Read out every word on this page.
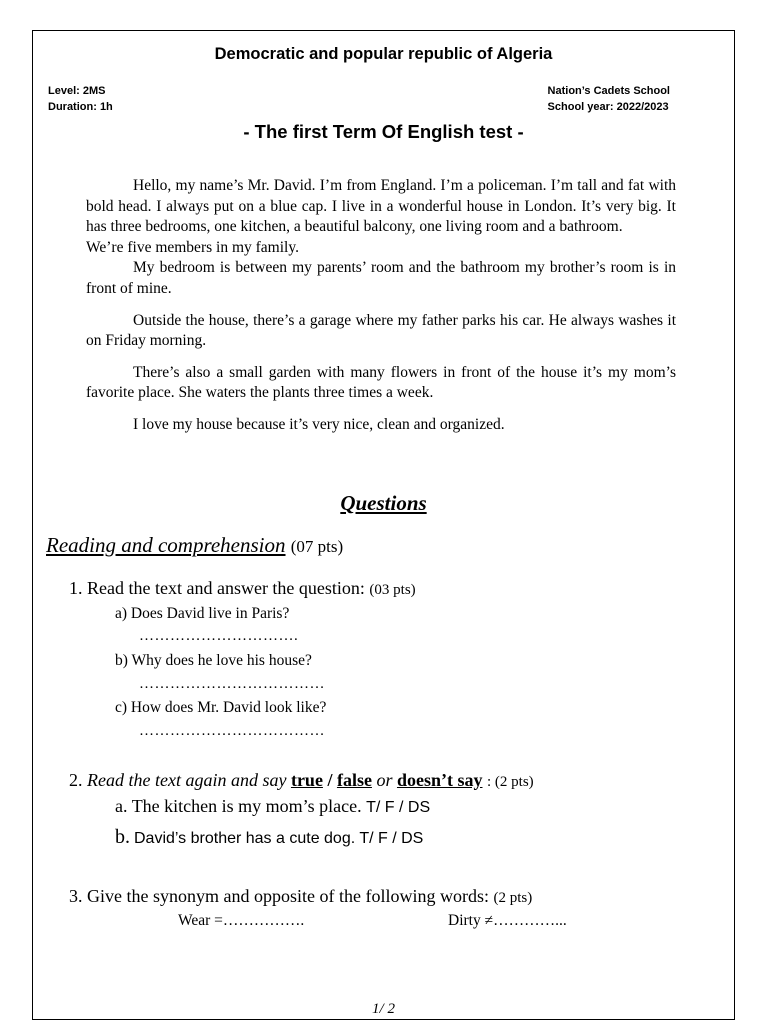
Democratic and popular republic of Algeria
Level: 2MS
Duration: 1h
Nation’s Cadets School
School year: 2022/2023
- The first Term Of English test -

Hello, my name’s Mr. David. I’m from England. I’m a policeman. I’m tall and fat with bold head. I always put on a blue cap. I live in a wonderful house in London. It’s very big. It has three bedrooms, one kitchen, a beautiful balcony, one living room and a bathroom.

We’re five members in my family.

My bedroom is between my parents’ room and the bathroom my brother’s room is in front of mine.

Outside the house, there’s a garage where my father parks his car. He always washes it on Friday morning.

There’s also a small garden with many flowers in front of the house it’s my mom’s favorite place. She waters the plants three times a week.

I love my house because it’s very nice, clean and organized.

Questions
Reading and comprehension (07 pts)
1. Read the text and answer the question: (03 pts)
a) Does David live in Paris?
………………………….
b) Why does he love his house?
………………………………
c) How does Mr. David look like?
………………………………
2. Read the text again and say true / false or doesn’t say : (2 pts)
a. The kitchen is my mom’s place. T/ F / DS
b. David’s brother has a cute dog. T/ F / DS
3. Give the synonym and opposite of the following words: (2 pts)
Wear =…………….	Dirty ≠…………...
1/ 2
